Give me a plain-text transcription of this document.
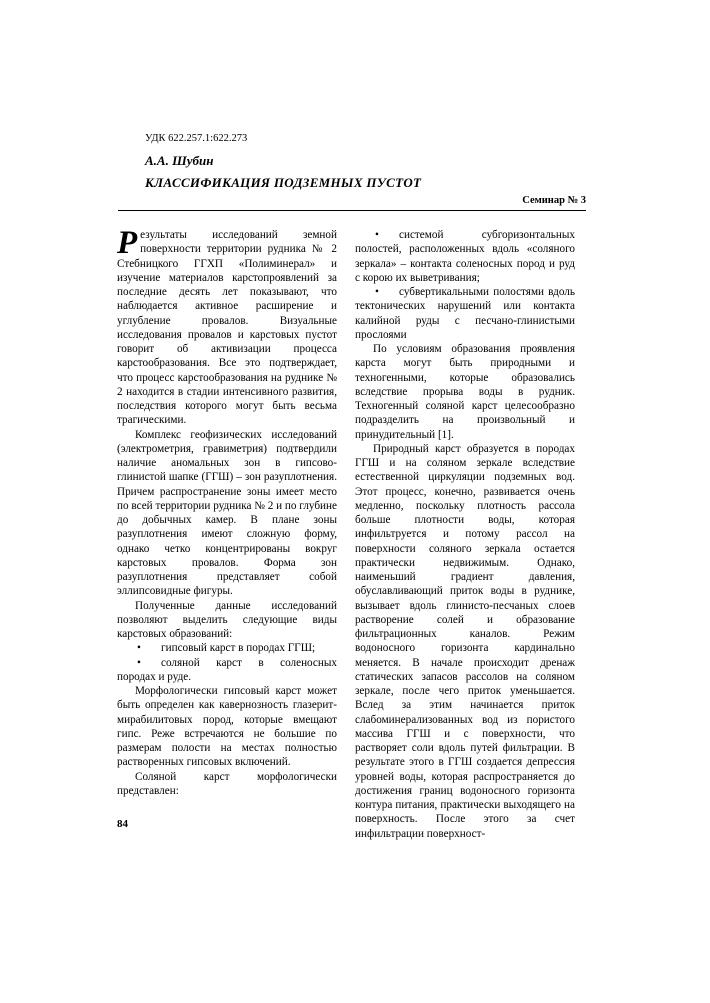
УДК 622.257.1:622.273
А.А. Шубин
КЛАССИФИКАЦИЯ ПОДЗЕМНЫХ ПУСТОТ
Семинар № 3

Результаты исследований земной поверхности территории рудника № 2 Стебницкого ГГХП «Полиминерал» и изучение материалов карстопроявлений за последние десять лет показывают, что наблюдается активное расширение и углубление провалов. Визуальные исследования провалов и карстовых пустот говорит об активизации процесса карстообразования. Все это подтверждает, что процесс карстообразования на руднике № 2 находится в стадии интенсивного развития, последствия которого могут быть весьма трагическими.

Комплекс геофизических исследований (электрометрия, гравиметрия) подтвердили наличие аномальных зон в гипсово-глинистой шапке (ГГШ) – зон разуплотнения. Причем распространение зоны имеет место по всей территории рудника № 2 и по глубине до добычных камер. В плане зоны разуплотнения имеют сложную форму, однако четко концентрированы вокруг карстовых провалов. Форма зон разуплотнения представляет собой эллипсовидные фигуры.

Полученные данные исследований позволяют выделить следующие виды карстовых образований:

• гипсовый карст в породах ГГШ;

• соляной карст в соленосных породах и руде.

Морфологически гипсовый карст может быть определен как кавернозность глазерит-мирабилитовых пород, которые вмещают гипс. Реже встречаются не большие по размерам полости на местах полностью растворенных гипсовых включений.

Соляной карст морфологически представлен:

• системой субгоризонтальных полостей, расположенных вдоль «соляного зеркала» – контакта соленосных пород и руд с корою их выветривания;

• субвертикальными полостями вдоль тектонических нарушений или контакта калийной руды с песчано-глинистыми прослоями

По условиям образования проявления карста могут быть природными и техногенными, которые образовались вследствие прорыва воды в рудник. Техногенный соляной карст целесообразно подразделить на произвольный и принудительный [1].

Природный карст образуется в породах ГГШ и на соляном зеркале вследствие естественной циркуляции подземных вод. Этот процесс, конечно, развивается очень медленно, поскольку плотность рассола больше плотности воды, которая инфильтруется и потому рассол на поверхности соляного зеркала остается практически недвижимым. Однако, наименьший градиент давления, обуславливающий приток воды в руднике, вызывает вдоль глинисто-песчаных слоев растворение солей и образование фильтрационных каналов. Режим водоносного горизонта кардинально меняется. В начале происходит дренаж статических запасов рассолов на соляном зеркале, после чего приток уменьшается. Вслед за этим начинается приток слабоминерализованных вод из пористого массива ГГШ и с поверхности, что растворяет соли вдоль путей фильтрации. В результате этого в ГГШ создается депрессия уровней воды, которая распространяется до достижения границ водоносного горизонта контура питания, практически выходящего на поверхность. После этого за счет инфильтрации поверхност-

84
